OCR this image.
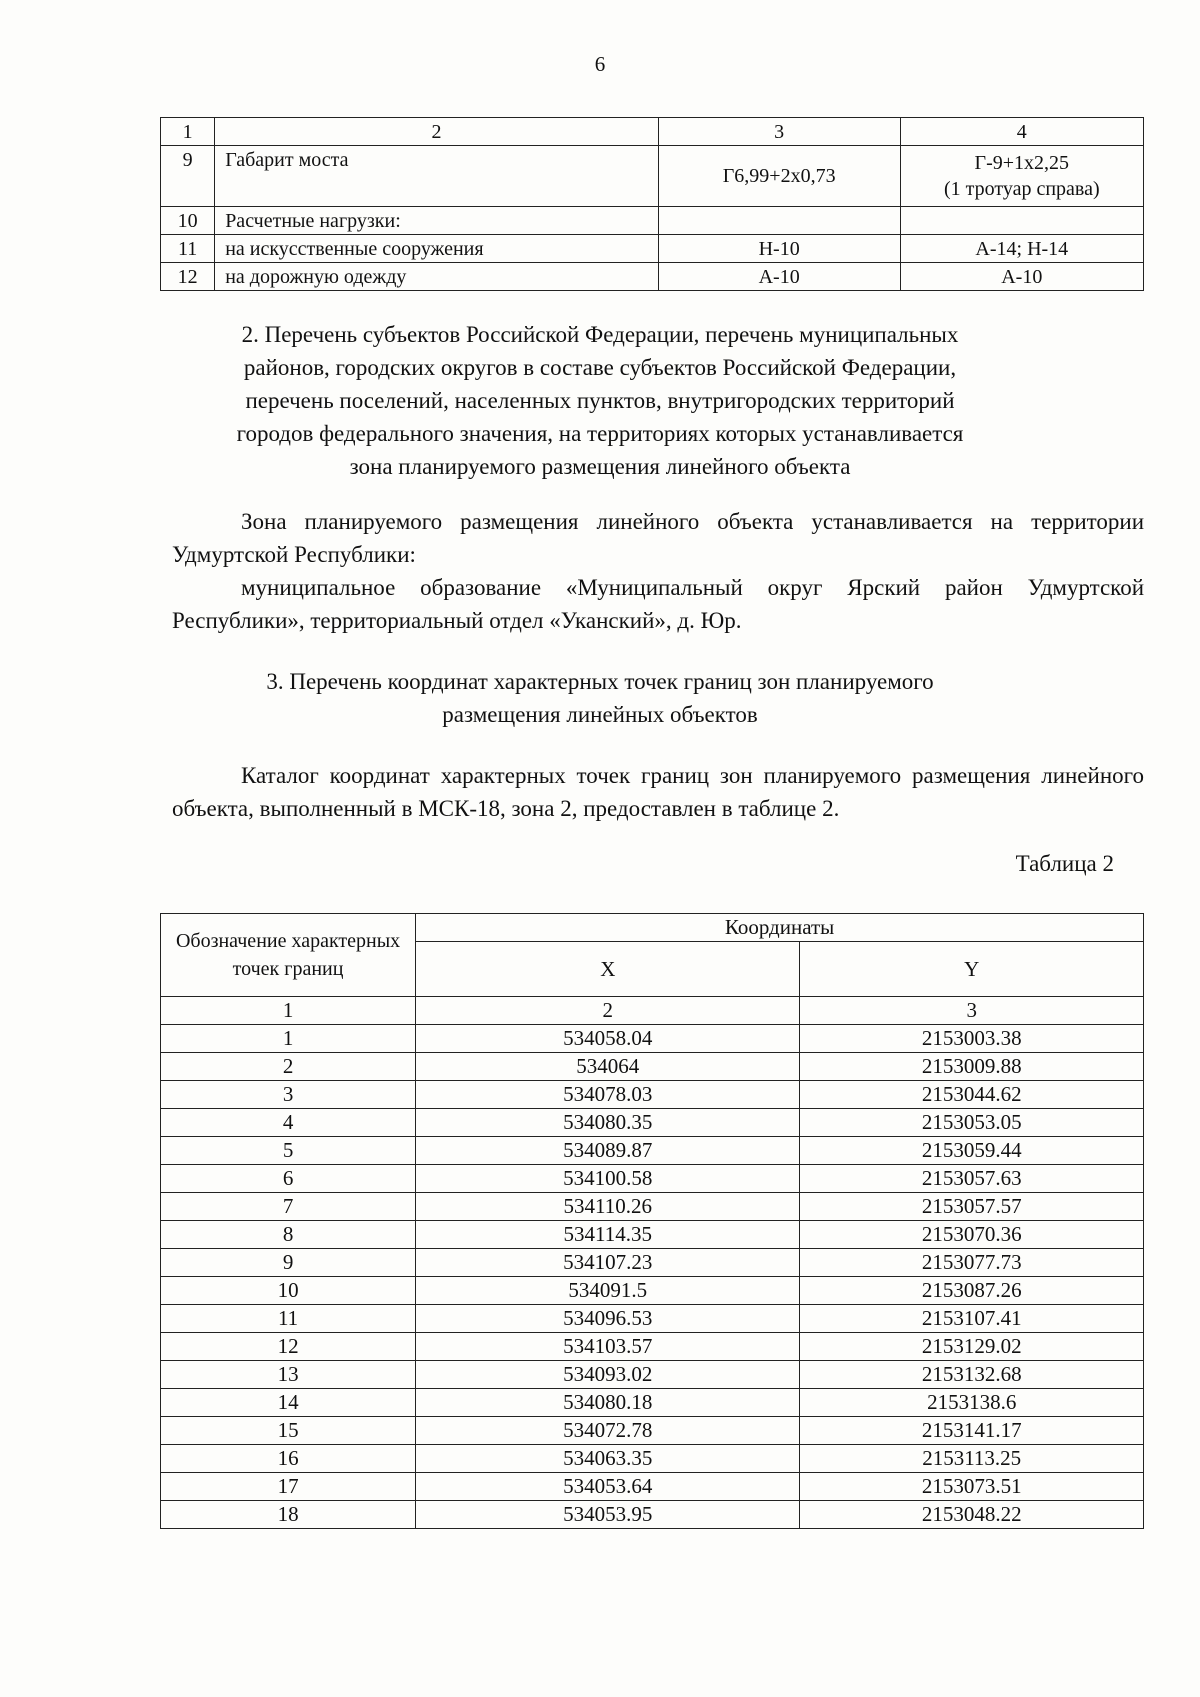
6
1	2	3	4
9	Габарит моста	Г6,99+2х0,73	Г-9+1х2,25
(1 тротуар справа)

10	Расчетные нагрузки:		
11	на искусственные сооружения	Н-10	А-14; Н-14
12	на дорожную одежду	А-10	А-10
2. Перечень субъектов Российской Федерации, перечень муниципальных
районов, городских округов в составе субъектов Российской Федерации,
перечень поселений, населенных пунктов, внутригородских территорий
городов федерального значения, на территориях которых устанавливается
зона планируемого размещения линейного объекта
Зона планируемого размещения линейного объекта устанавливается на территории Удмуртской Республики:
муниципальное образование «Муниципальный округ Ярский район Удмуртской Республики», территориальный отдел «Уканский», д. Юр.
3. Перечень координат характерных точек границ зон планируемого
размещения линейных объектов
Каталог координат характерных точек границ зон планируемого размещения линейного объекта, выполненный в МСК-18, зона 2, предоставлен в таблице 2.
Таблица 2
Обозначение характерных точек границ	Координаты	
	X	Y
1	2	3
1	534058.04	2153003.38
2	534064	2153009.88
3	534078.03	2153044.62
4	534080.35	2153053.05
5	534089.87	2153059.44
6	534100.58	2153057.63
7	534110.26	2153057.57
8	534114.35	2153070.36
9	534107.23	2153077.73
10	534091.5	2153087.26
11	534096.53	2153107.41
12	534103.57	2153129.02
13	534093.02	2153132.68
14	534080.18	2153138.6
15	534072.78	2153141.17
16	534063.35	2153113.25
17	534053.64	2153073.51
18	534053.95	2153048.22
